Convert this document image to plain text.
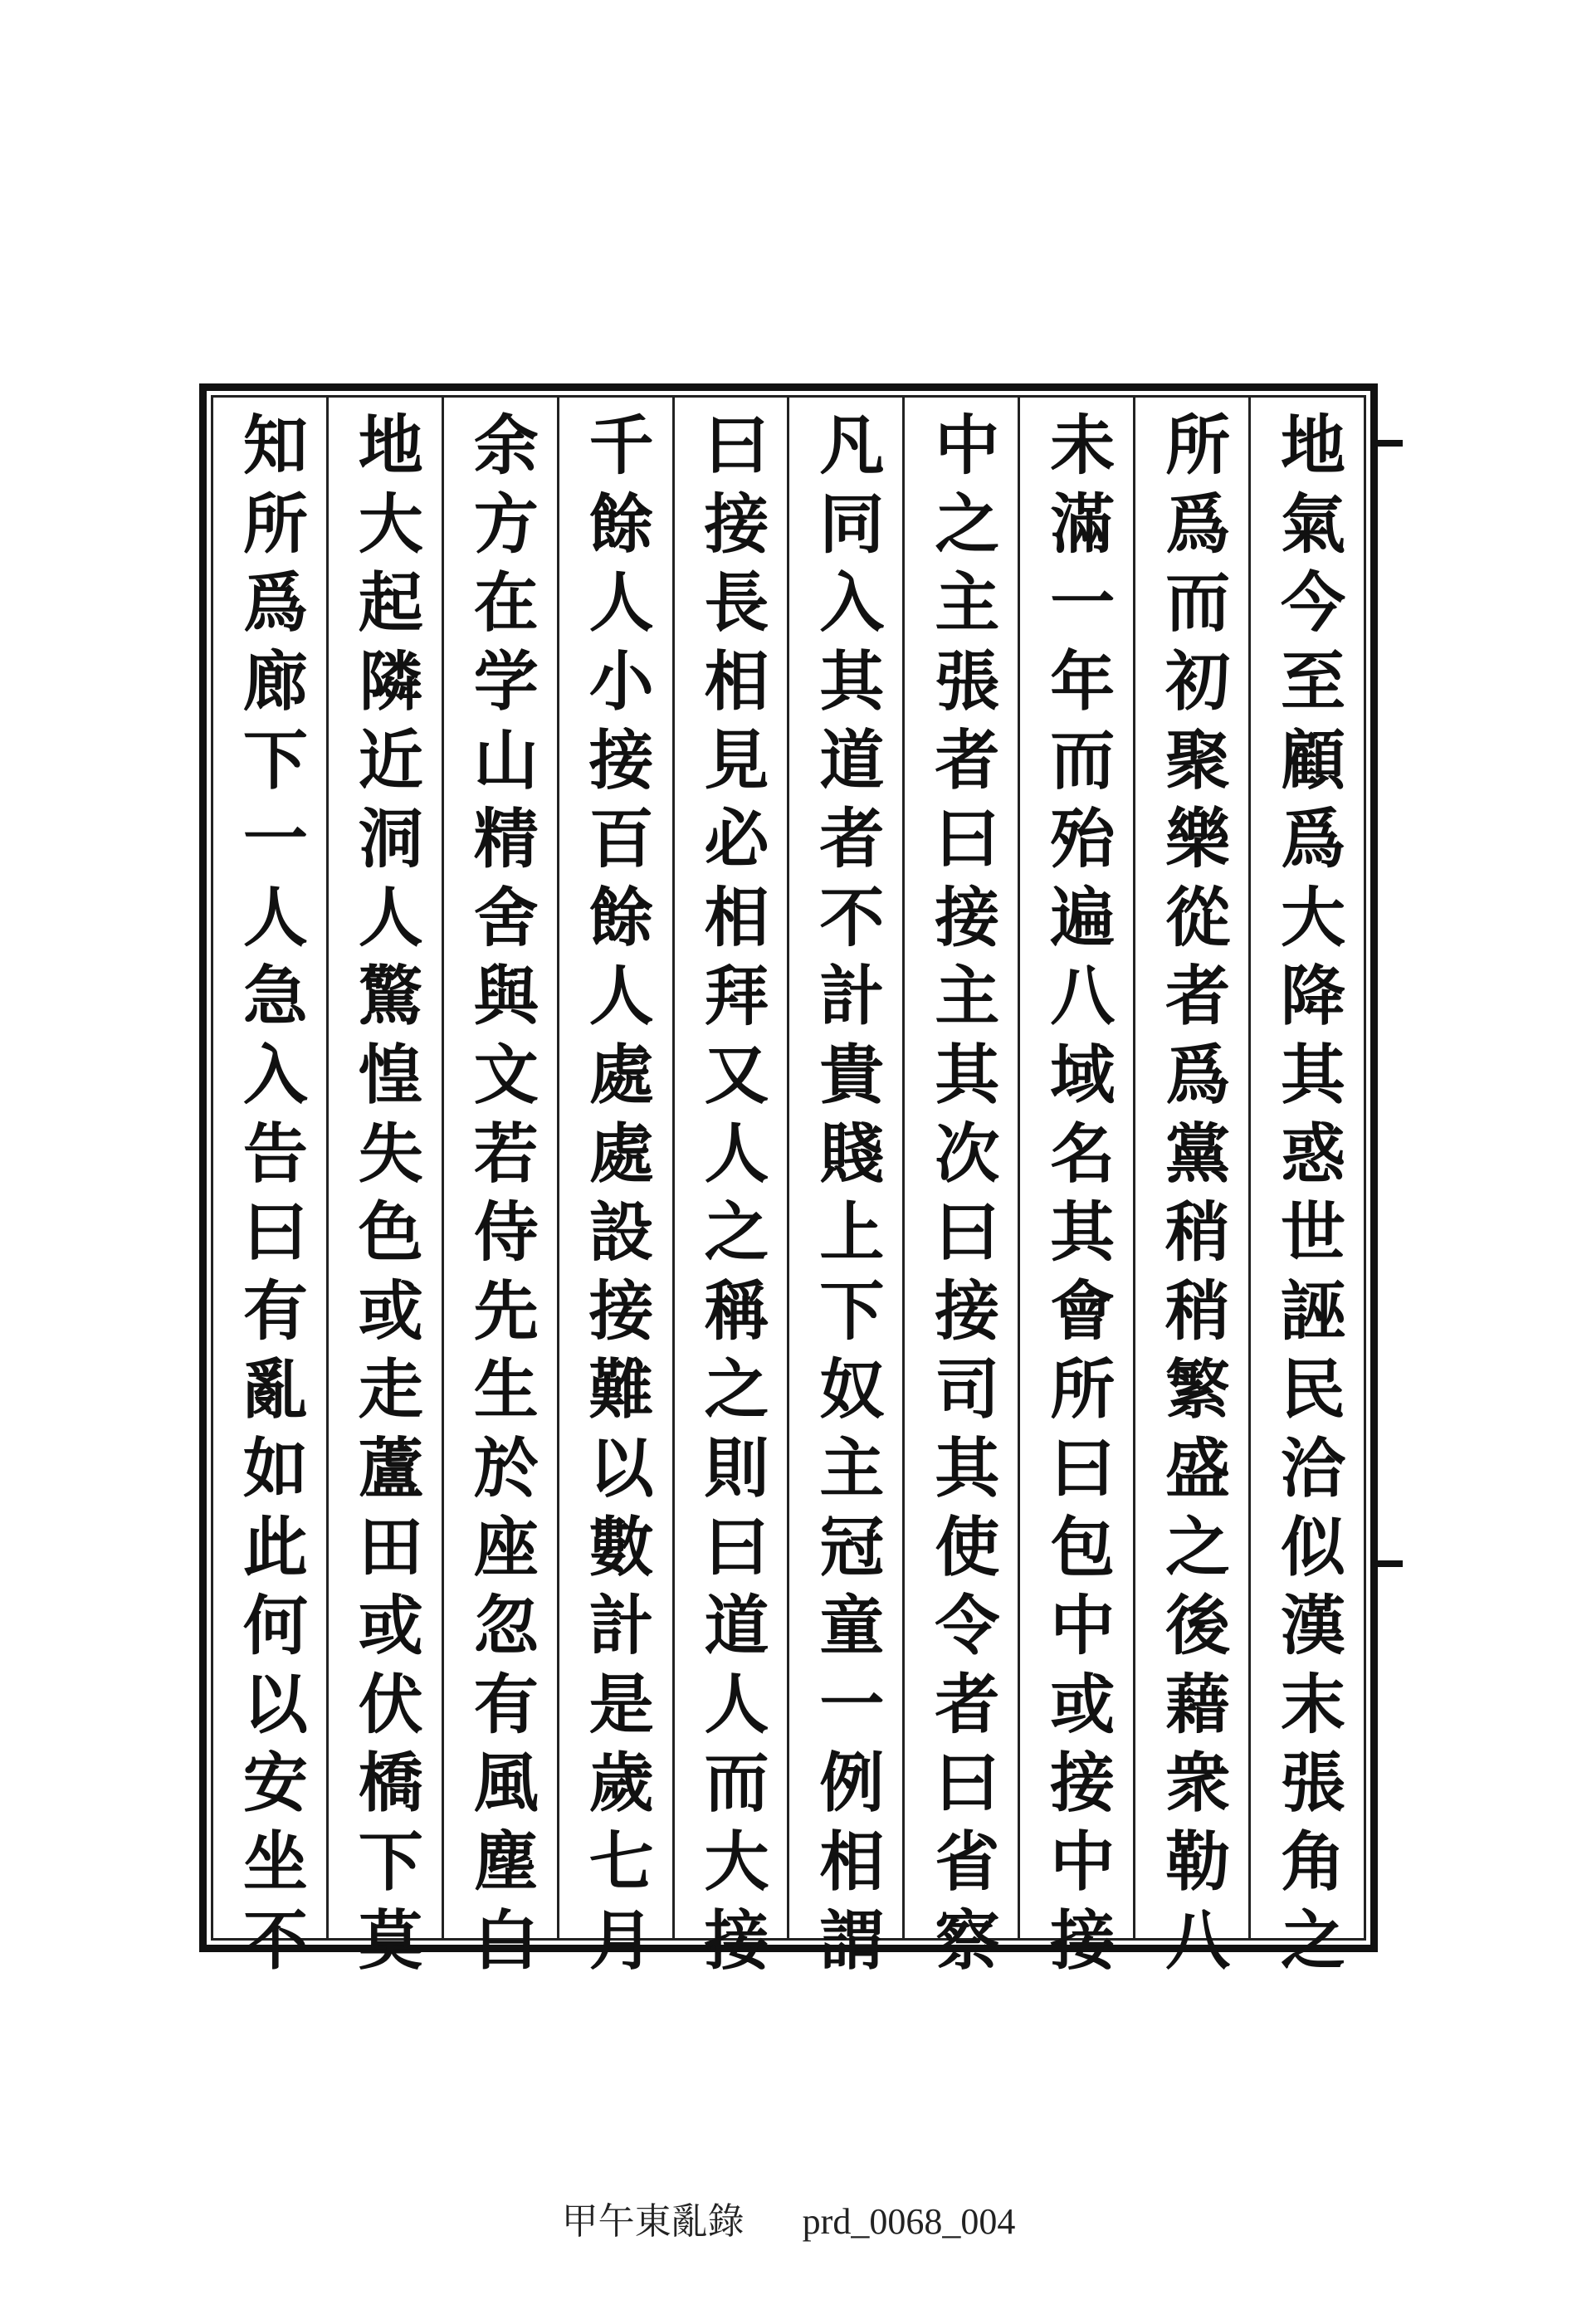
地氣今至顧爲大降其惑世誣民洽似漢末張角之
所爲而初聚樂從者爲黨稍稍繁盛之後藉衆勒八
未滿一年而殆遍八域名其會所曰包中或接中接
中之主張者曰接主其次曰接司其使令者曰省察
凡同入其道者不計貴賤上下奴主冠童一例相謂
曰接長相見必相拜又人之稱之則曰道人而大接
千餘人小接百餘人處處設接難以數計是歲七月
余方在学山精舍與文若侍先生於座忽有風塵白
地大起隣近洞人驚惶失色或走蘆田或伏橋下莫
知所爲廊下一人急入告曰有亂如此何以安坐不
甲午東亂錄 prd_0068_004
